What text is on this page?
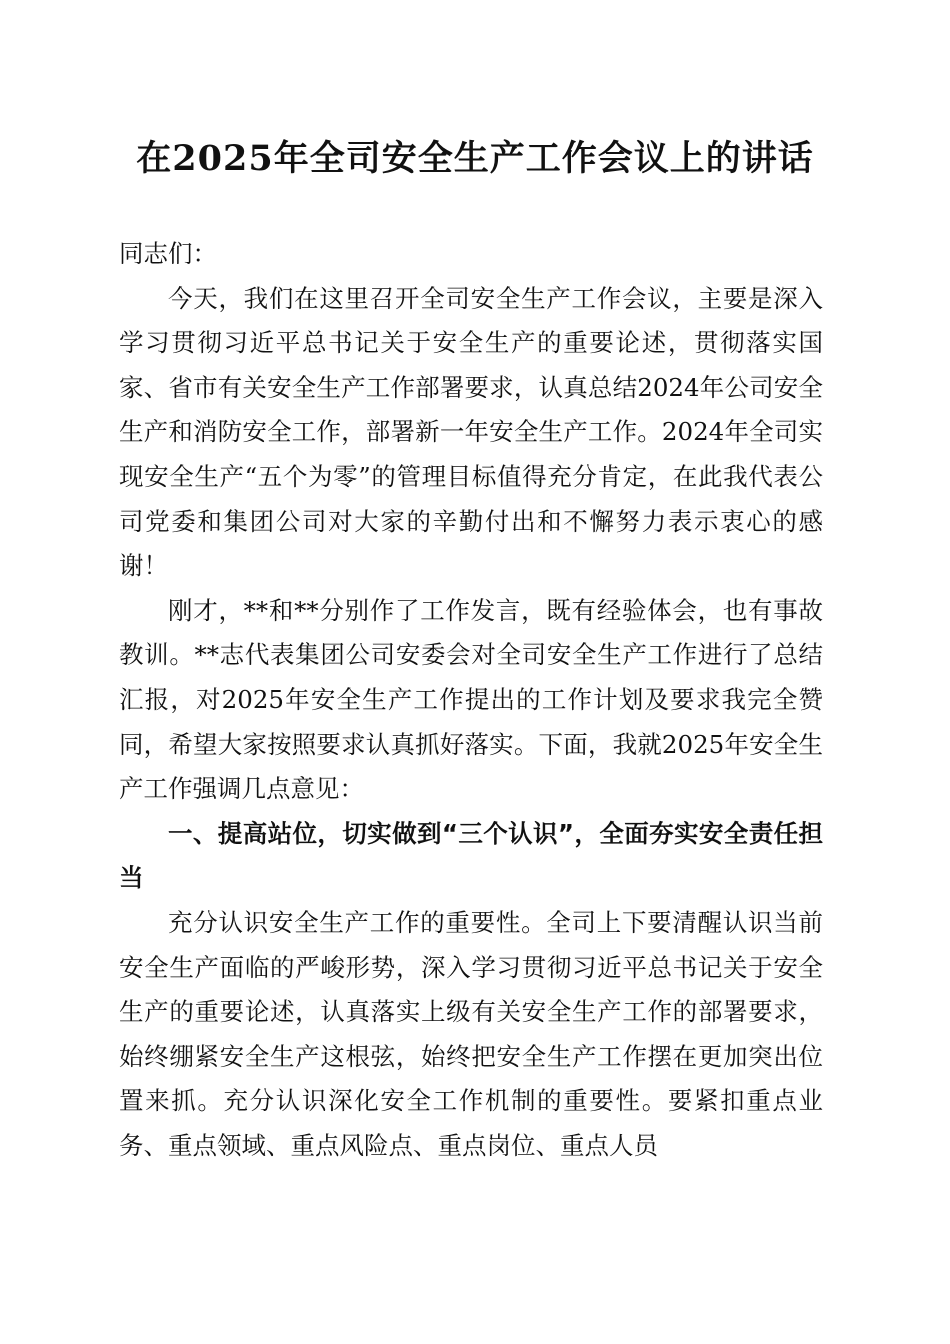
在2025年全司安全生产工作会议上的讲话

同志们：

今天，我们在这里召开全司安全生产工作会议，主要是深入学习贯彻习近平总书记关于安全生产的重要论述，贯彻落实国家、省市有关安全生产工作部署要求，认真总结2024年公司安全生产和消防安全工作，部署新一年安全生产工作。2024年全司实现安全生产“五个为零”的管理目标值得充分肯定，在此我代表公司党委和集团公司对大家的辛勤付出和不懈努力表示衷心的感谢！

刚才，**和**分别作了工作发言，既有经验体会，也有事故教训。**志代表集团公司安委会对全司安全生产工作进行了总结汇报，对2025年安全生产工作提出的工作计划及要求我完全赞同，希望大家按照要求认真抓好落实。下面，我就2025年安全生产工作强调几点意见：

一、提高站位，切实做到“三个认识”，全面夯实安全责任担当

充分认识安全生产工作的重要性。全司上下要清醒认识当前安全生产面临的严峻形势，深入学习贯彻习近平总书记关于安全生产的重要论述，认真落实上级有关安全生产工作的部署要求，始终绷紧安全生产这根弦，始终把安全生产工作摆在更加突出位置来抓。充分认识深化安全工作机制的重要性。要紧扣重点业务、重点领域、重点风险点、重点岗位、重点人员
